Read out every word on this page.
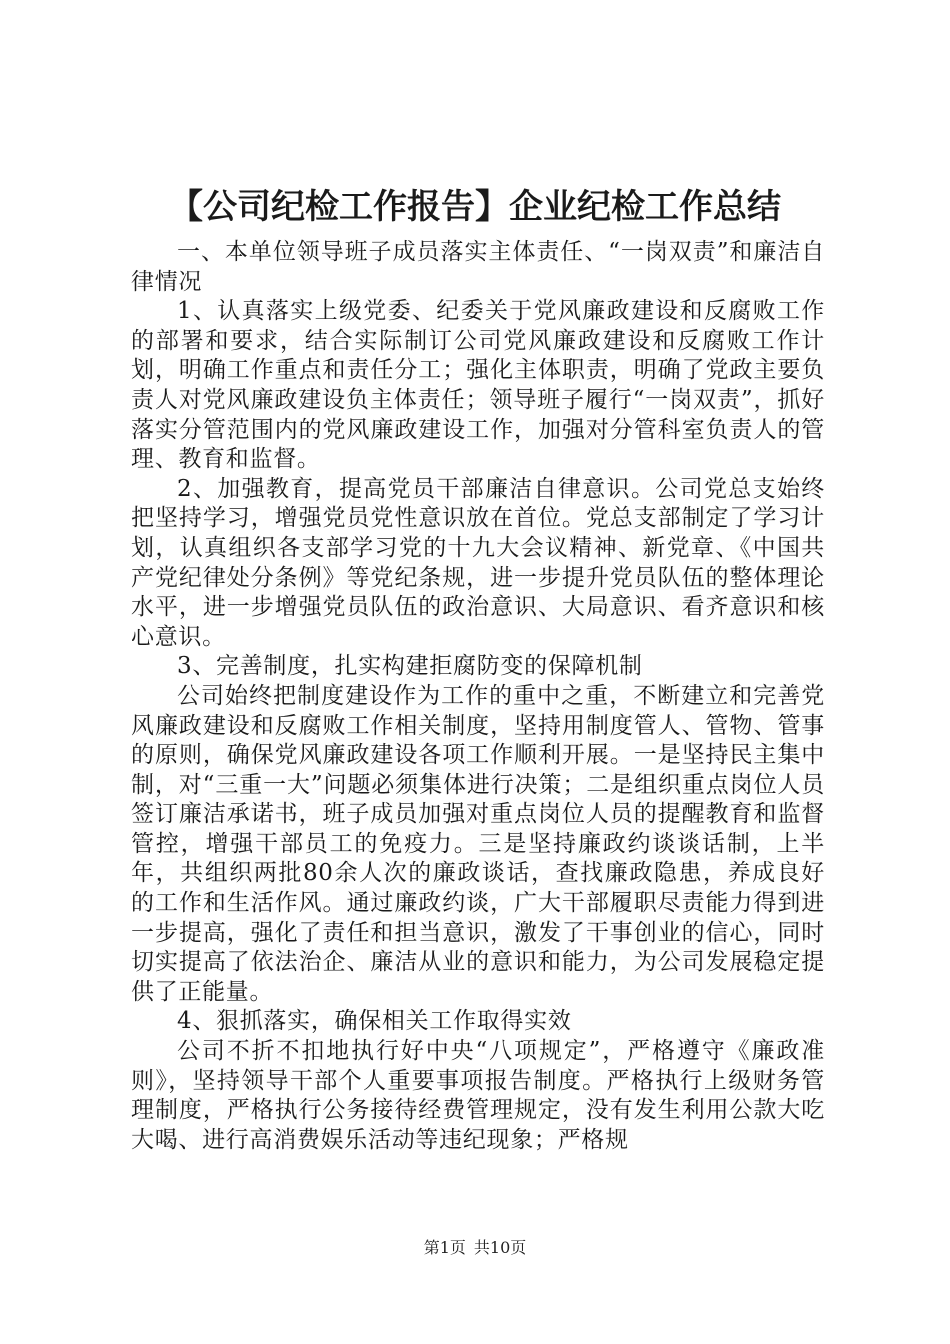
【公司纪检工作报告】企业纪检工作总结

一、本单位领导班子成员落实主体责任、“一岗双责”和廉洁自律情况

1、认真落实上级党委、纪委关于党风廉政建设和反腐败工作的部署和要求，结合实际制订公司党风廉政建设和反腐败工作计划，明确工作重点和责任分工；强化主体职责，明确了党政主要负责人对党风廉政建设负主体责任；领导班子履行“一岗双责”，抓好落实分管范围内的党风廉政建设工作，加强对分管科室负责人的管理、教育和监督。

2、加强教育，提高党员干部廉洁自律意识。公司党总支始终把坚持学习，增强党员党性意识放在首位。党总支部制定了学习计划，认真组织各支部学习党的十九大会议精神、新党章、《中国共产党纪律处分条例》等党纪条规，进一步提升党员队伍的整体理论水平，进一步增强党员队伍的政治意识、大局意识、看齐意识和核心意识。

3、完善制度，扎实构建拒腐防变的保障机制

公司始终把制度建设作为工作的重中之重，不断建立和完善党风廉政建设和反腐败工作相关制度，坚持用制度管人、管物、管事的原则，确保党风廉政建设各项工作顺利开展。一是坚持民主集中制，对“三重一大”问题必须集体进行决策；二是组织重点岗位人员签订廉洁承诺书，班子成员加强对重点岗位人员的提醒教育和监督管控，增强干部员工的免疫力。三是坚持廉政约谈谈话制，上半年，共组织两批80余人次的廉政谈话，查找廉政隐患，养成良好的工作和生活作风。通过廉政约谈，广大干部履职尽责能力得到进一步提高，强化了责任和担当意识，激发了干事创业的信心，同时切实提高了依法治企、廉洁从业的意识和能力，为公司发展稳定提供了正能量。

4、狠抓落实，确保相关工作取得实效

公司不折不扣地执行好中央“八项规定”，严格遵守《廉政准则》，坚持领导干部个人重要事项报告制度。严格执行上级财务管理制度，严格执行公务接待经费管理规定，没有发生利用公款大吃大喝、进行高消费娱乐活动等违纪现象；严格规

第1页 共10页
